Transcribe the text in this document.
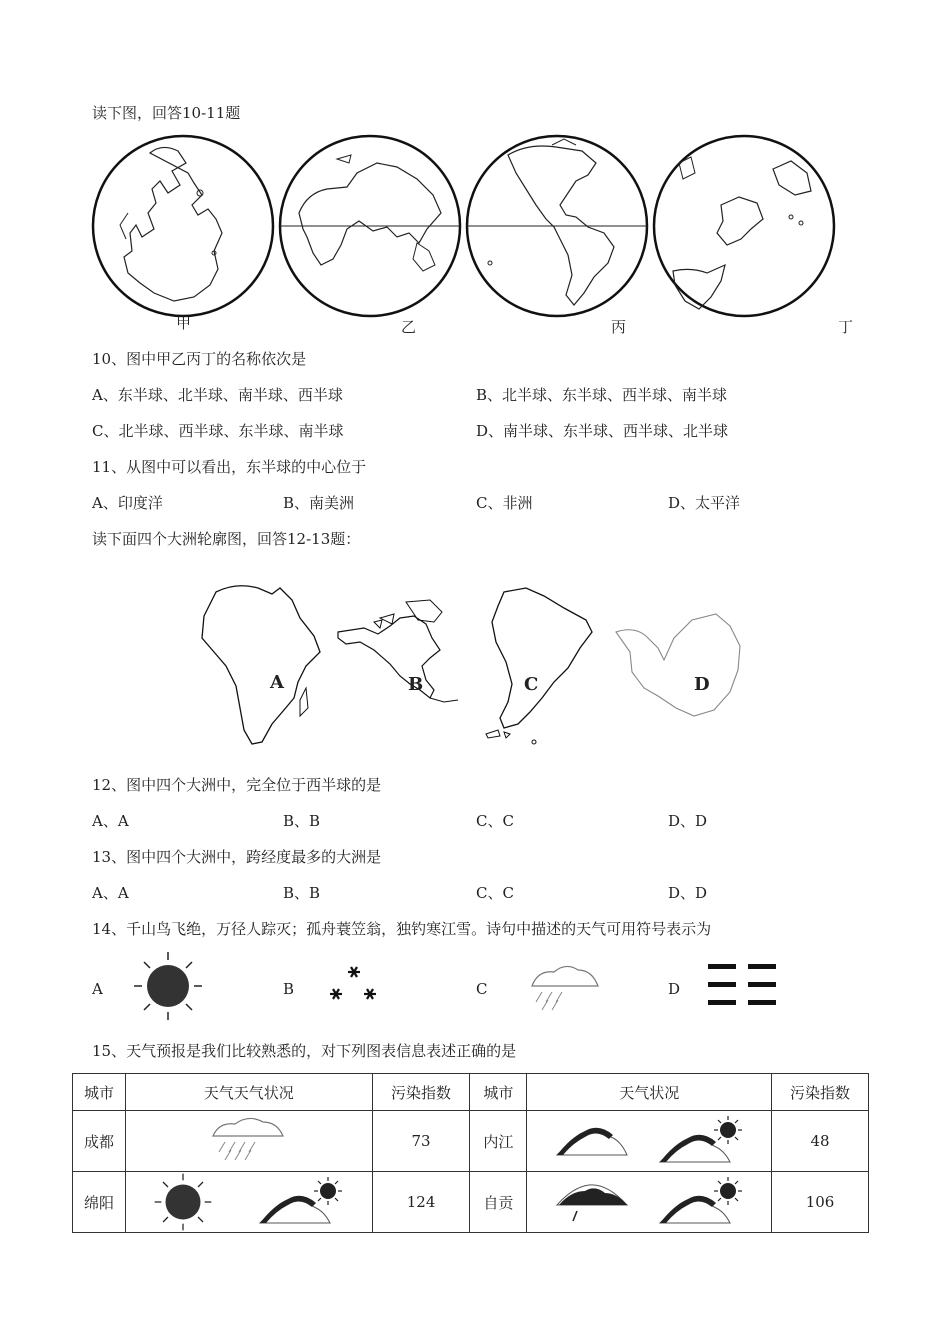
读下图，回答10-11题
甲	乙	丙	丁
10、图中甲乙丙丁的名称依次是
A、东半球、北半球、南半球、西半球	B、北半球、东半球、西半球、南半球
C、北半球、西半球、东半球、南半球	D、南半球、东半球、西半球、北半球
11、从图中可以看出，东半球的中心位于
A、印度洋	B、南美洲	C、非洲	D、太平洋
读下面四个大洲轮廓图，回答12-13题：
A	B	C	D
12、图中四个大洲中，完全位于西半球的是
A、A	B、B	C、C	D、D
13、图中四个大洲中，跨经度最多的大洲是
A、A	B、B	C、C	D、D
14、千山鸟飞绝，万径人踪灭；孤舟蓑笠翁，独钓寒江雪。诗句中描述的天气可用符号表示为
A	B	C	D
15、天气预报是我们比较熟悉的，对下列图表信息表述正确的是
城市	天气天气状况	污染指数	城市	天气状况	污染指数
成都		73	内江		48
绵阳		124	自贡		106
